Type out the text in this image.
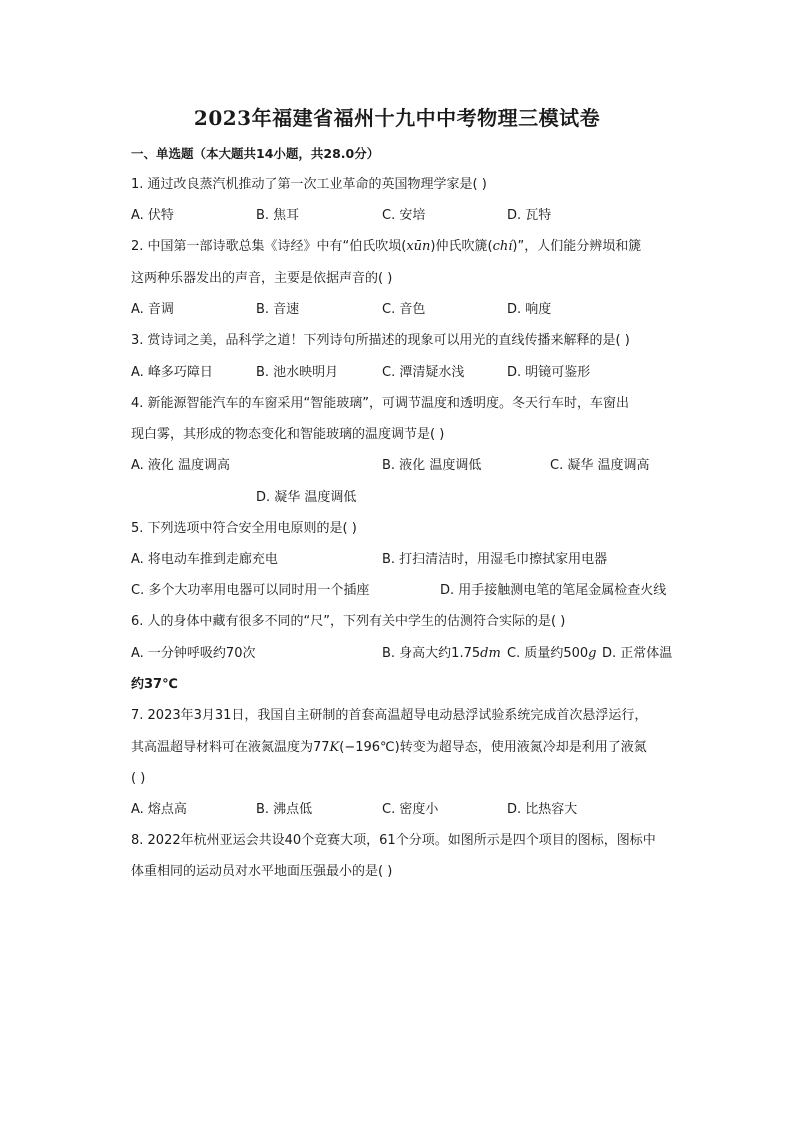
2023年福建省福州十九中中考物理三模试卷
一、单选题（本大题共14小题，共28.0分）
1. 通过改良蒸汽机推动了第一次工业革命的英国物理学家是( )
A. 伏特	B. 焦耳	C. 安培	D. 瓦特
2. 中国第一部诗歌总集《诗经》中有“伯氏吹埙(xūn)仲氏吹篪(chí)”，人们能分辨埙和篪
这两种乐器发出的声音，主要是依据声音的( )
A. 音调	B. 音速	C. 音色	D. 响度
3. 赏诗词之美，品科学之道！下列诗句所描述的现象可以用光的直线传播来解释的是( )
A. 峰多巧障日	B. 池水映明月	C. 潭清疑水浅	D. 明镜可鉴形
4. 新能源智能汽车的车窗采用“智能玻璃”，可调节温度和透明度。冬天行车时，车窗出
现白雾，其形成的物态变化和智能玻璃的温度调节是( )
A. 液化 温度调高	B. 液化 温度调低	C. 凝华 温度调高
D. 凝华 温度调低
5. 下列选项中符合安全用电原则的是( )
A. 将电动车推到走廊充电	B. 打扫清洁时，用湿毛巾擦拭家用电器
C. 多个大功率用电器可以同时用一个插座	D. 用手接触测电笔的笔尾金属检查火线
6. 人的身体中藏有很多不同的“尺”，下列有关中学生的估测符合实际的是( )
A. 一分钟呼吸约70次	B. 身高大约1.75dm C. 质量约500g D. 正常体温
约37℃
7. 2023年3月31日，我国自主研制的首套高温超导电动悬浮试验系统完成首次悬浮运行，
其高温超导材料可在液氮温度为77K(−196℃)转变为超导态，使用液氮冷却是利用了液氮
( )
A. 熔点高	B. 沸点低	C. 密度小	D. 比热容大
8. 2022年杭州亚运会共设40个竞赛大项，61个分项。如图所示是四个项目的图标，图标中
体重相同的运动员对水平地面压强最小的是( )
